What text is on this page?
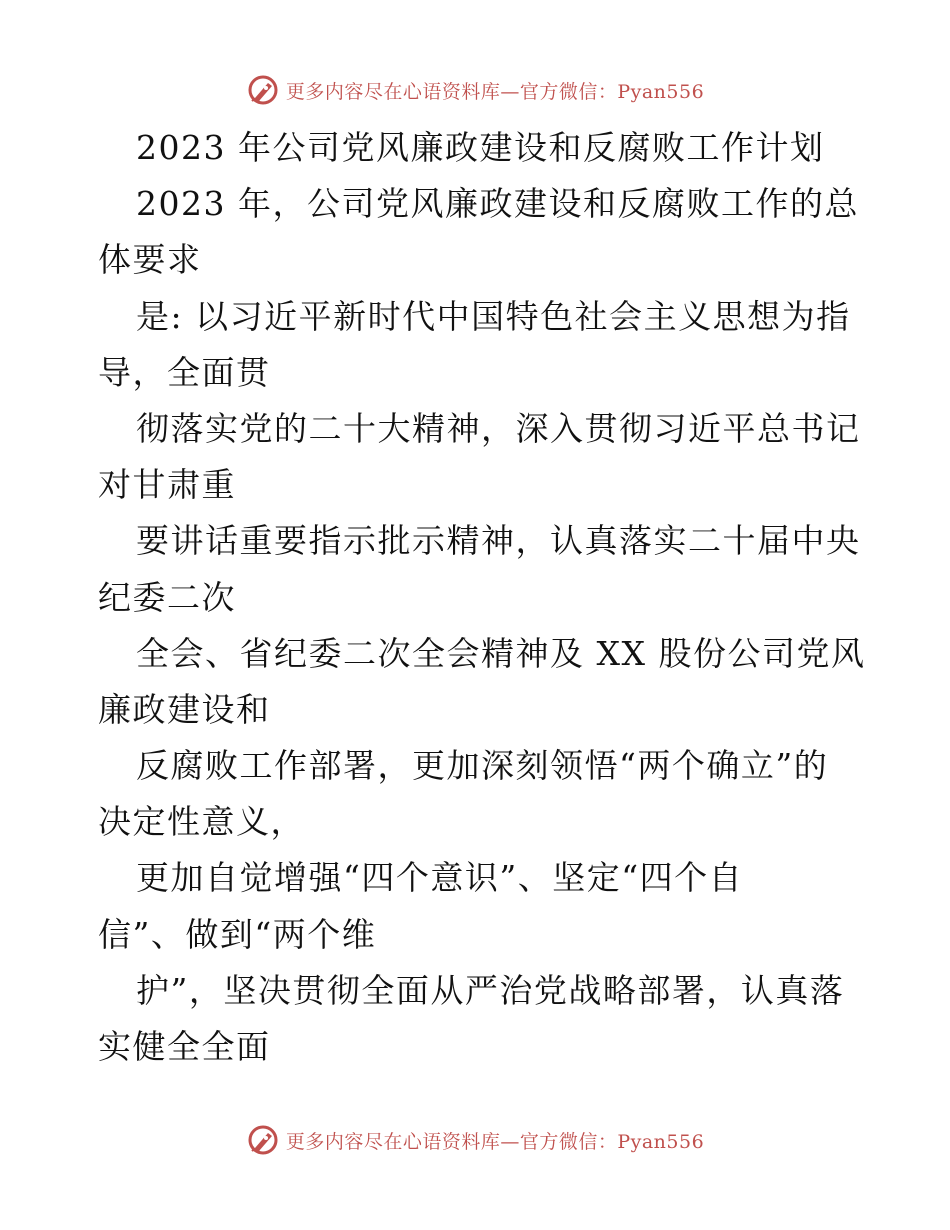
更多内容尽在心语资料库—官方微信：Pyan556
2023 年公司党风廉政建设和反腐败工作计划
2023 年，公司党风廉政建设和反腐败工作的总
体要求
是: 以习近平新时代中国特色社会主义思想为指
导，全面贯
彻落实党的二十大精神，深入贯彻习近平总书记
对甘肃重
要讲话重要指示批示精神，认真落实二十届中央
纪委二次
全会、省纪委二次全会精神及 XX 股份公司党风
廉政建设和
反腐败工作部署，更加深刻领悟“两个确立”的
决定性意义，
更加自觉增强“四个意识”、坚定“四个自
信”、做到“两个维
护”，坚决贯彻全面从严治党战略部署，认真落
实健全全面
更多内容尽在心语资料库—官方微信：Pyan556
